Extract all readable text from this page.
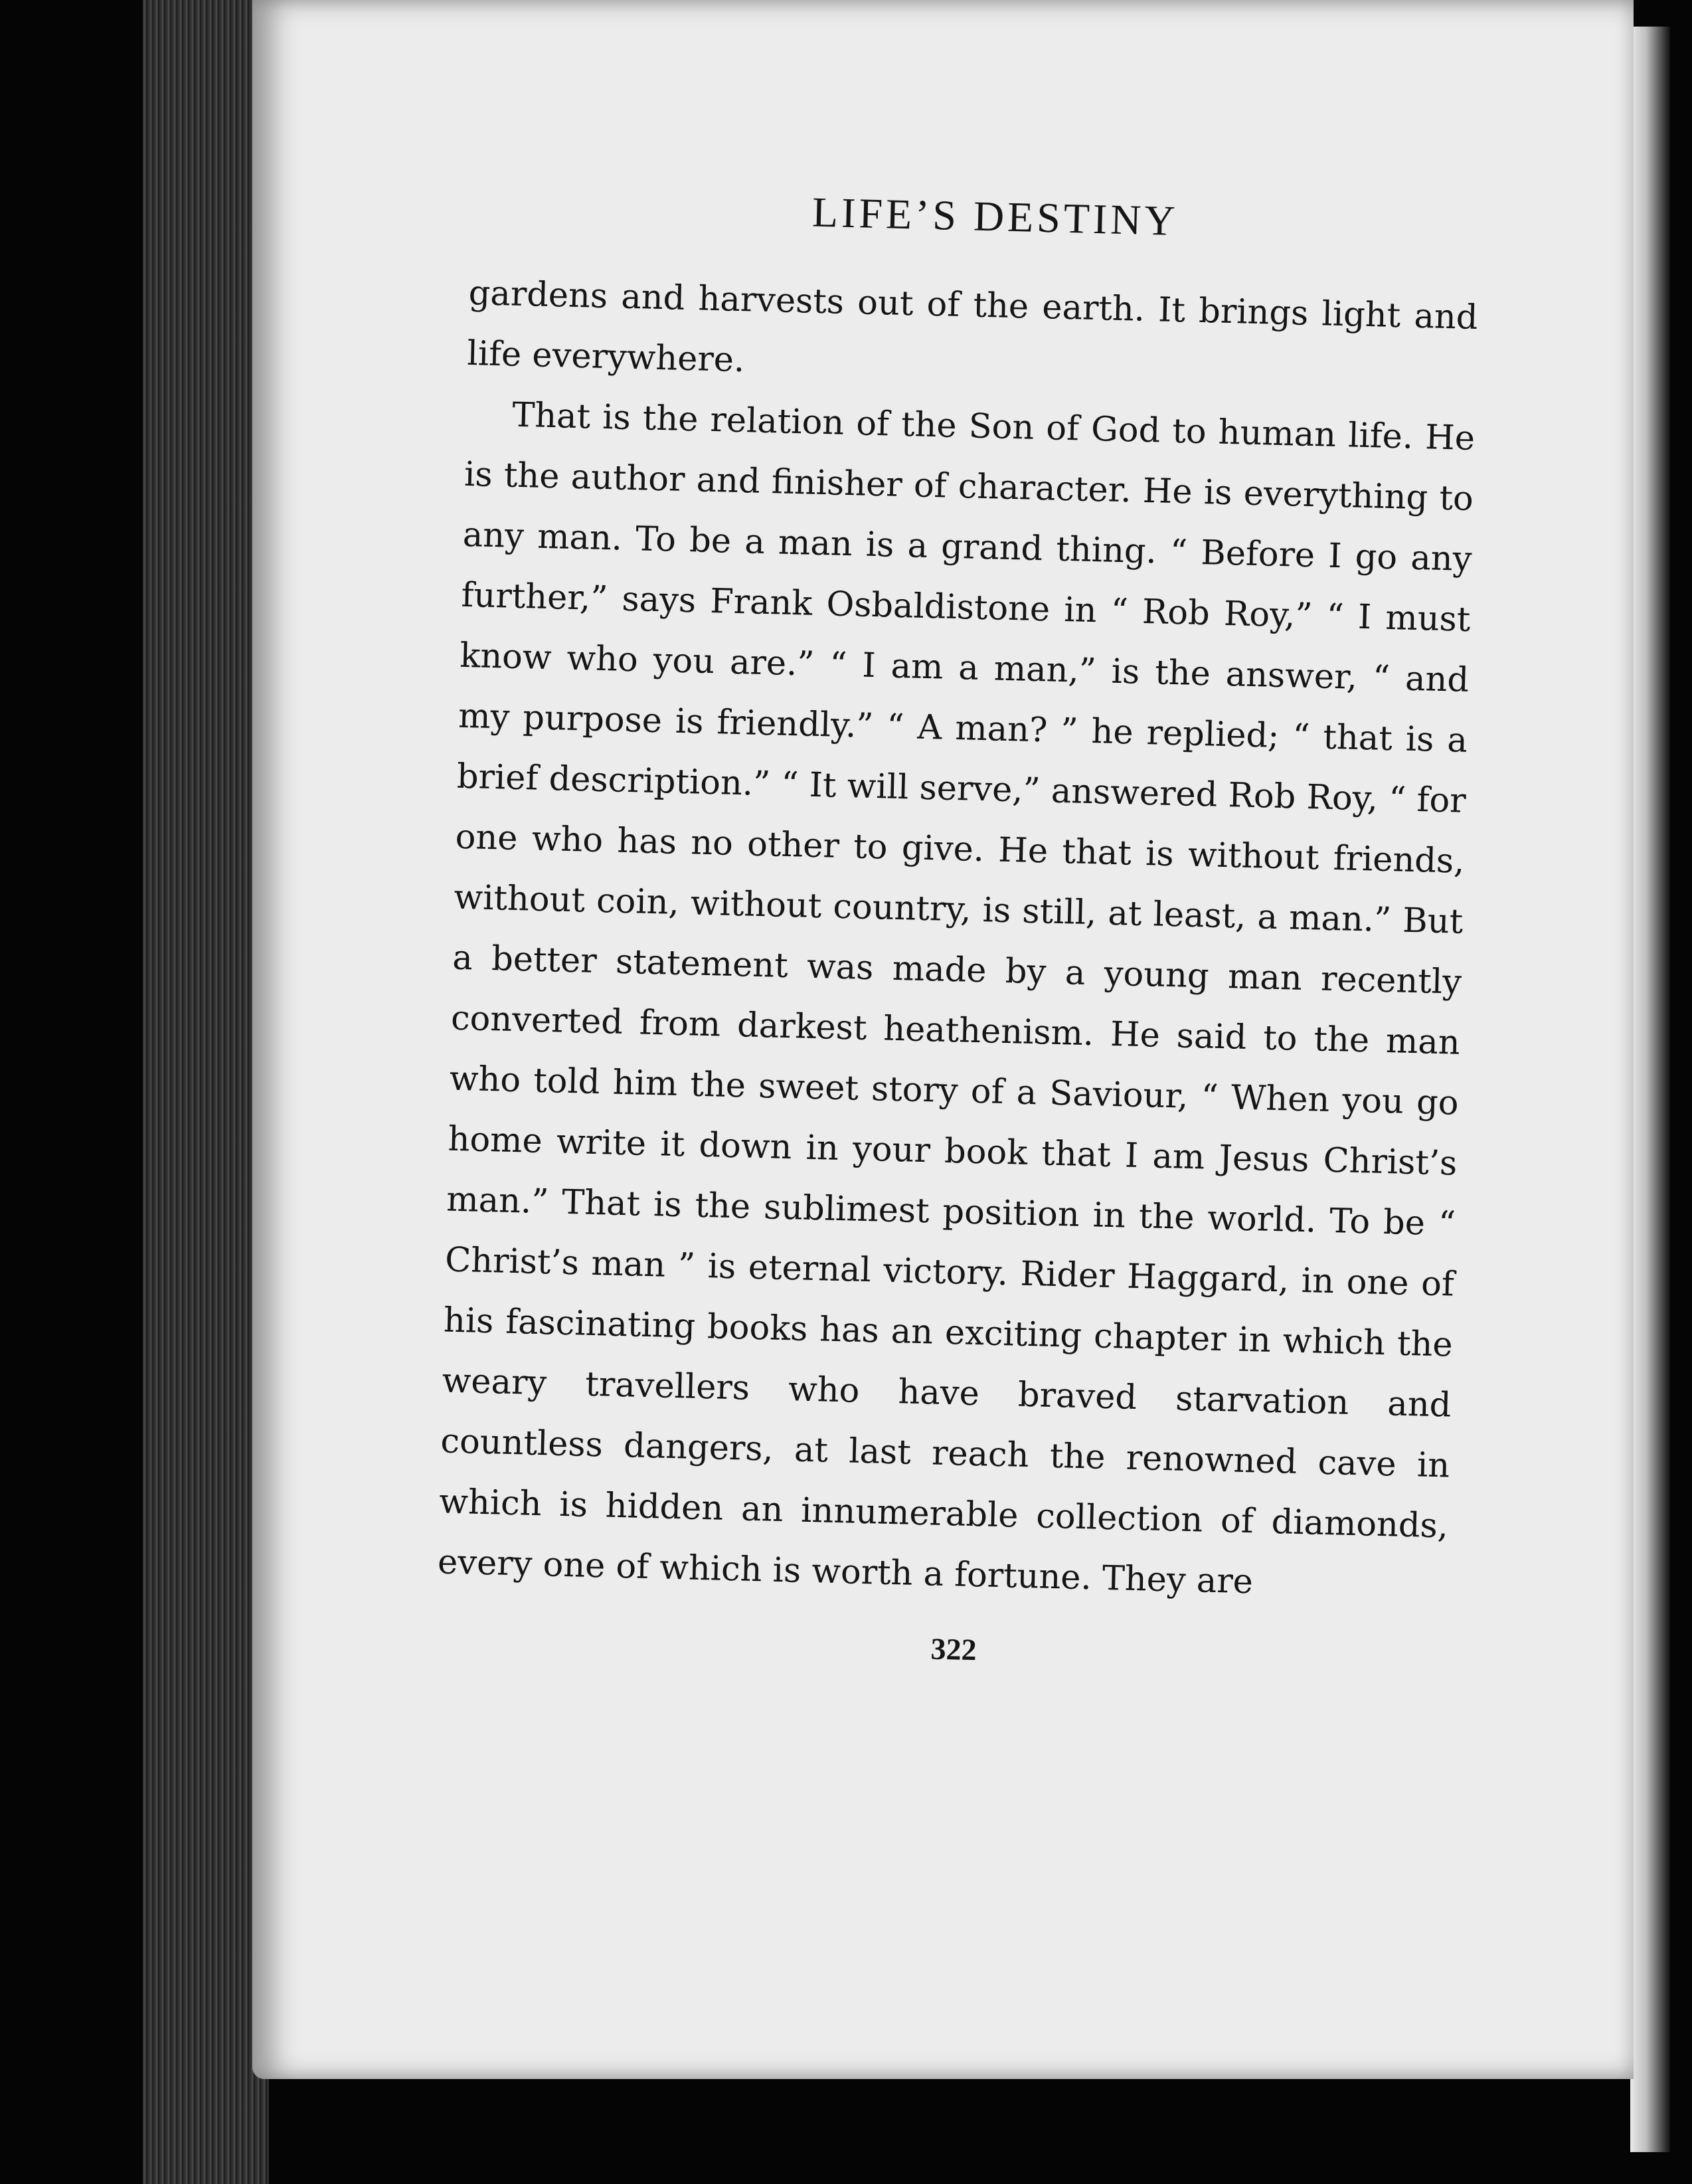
LIFE’S DESTINY

gardens and harvests out of the earth. It brings light and life everywhere.

That is the relation of the Son of God to human life. He is the author and finisher of character. He is everything to any man. To be a man is a grand thing. “ Before I go any further,” says Frank Osbaldistone in “ Rob Roy,” “ I must know who you are.” “ I am a man,” is the answer, “ and my purpose is friendly.” “ A man? ” he replied; “ that is a brief description.” “ It will serve,” answered Rob Roy, “ for one who has no other to give. He that is without friends, without coin, without country, is still, at least, a man.” But a better statement was made by a young man recently converted from darkest heathenism. He said to the man who told him the sweet story of a Saviour, “ When you go home write it down in your book that I am Jesus Christ’s man.” That is the sublimest position in the world. To be “ Christ’s man ” is eternal victory. Rider Haggard, in one of his fascinating books has an exciting chapter in which the weary travellers who have braved starvation and countless dangers, at last reach the renowned cave in which is hidden an innumerable collection of diamonds, every one of which is worth a fortune. They are

322
